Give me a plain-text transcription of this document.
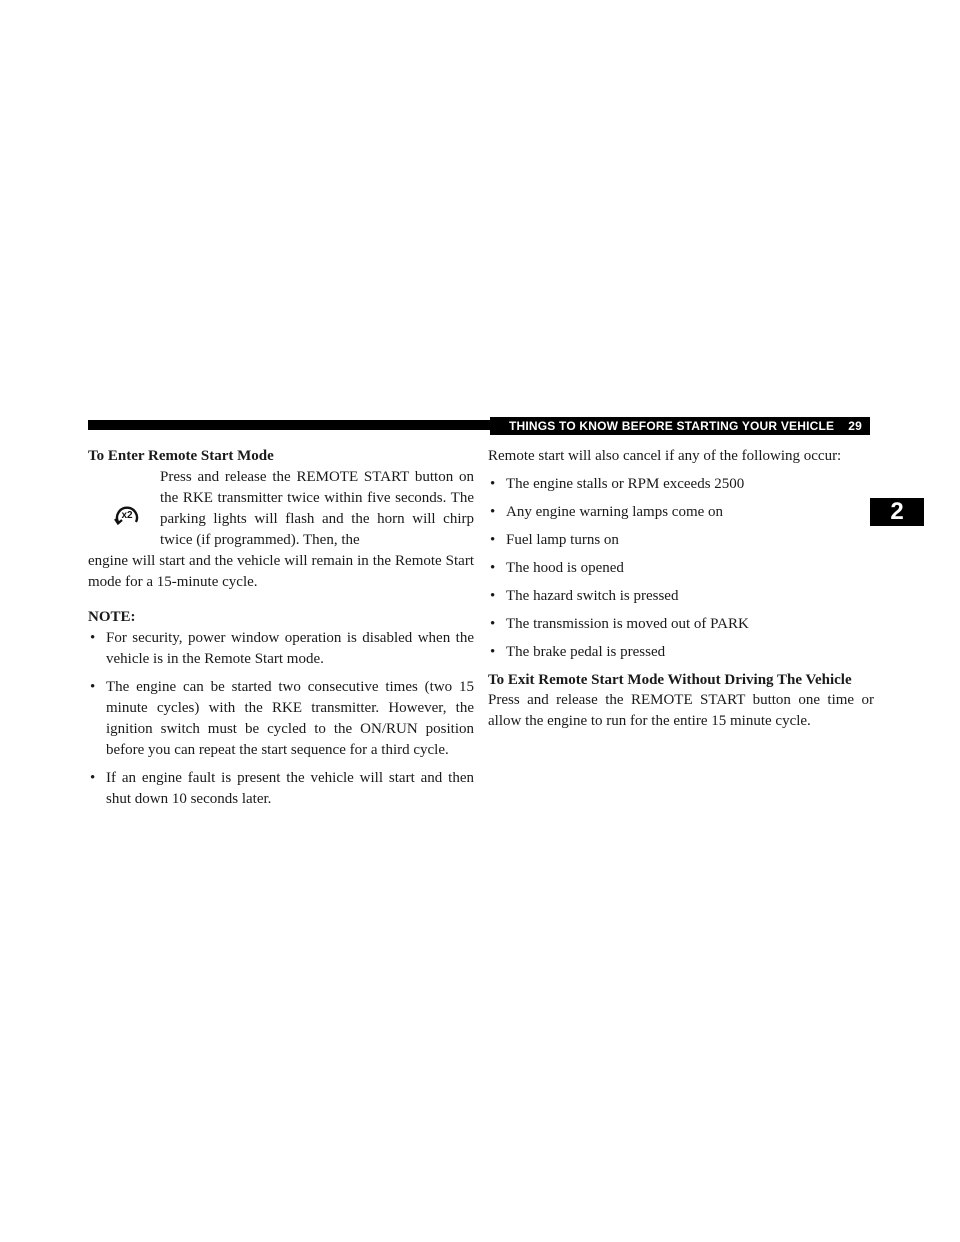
THINGS TO KNOW BEFORE STARTING YOUR VEHICLE 29
2
To Enter Remote Start Mode
x2

Press and release the REMOTE START button on the RKE transmitter twice within five seconds. The parking lights will flash and the horn will chirp twice (if programmed). Then, the

engine will start and the vehicle will remain in the Remote Start mode for a 15-minute cycle.

NOTE:
• For security, power window operation is disabled when the vehicle is in the Remote Start mode.
• The engine can be started two consecutive times (two 15 minute cycles) with the RKE transmitter. However, the ignition switch must be cycled to the ON/RUN position before you can repeat the start sequence for a third cycle.
• If an engine fault is present the vehicle will start and then shut down 10 seconds later.

Remote start will also cancel if any of the following occur:

• The engine stalls or RPM exceeds 2500
• Any engine warning lamps come on
• Fuel lamp turns on
• The hood is opened
• The hazard switch is pressed
• The transmission is moved out of PARK
• The brake pedal is pressed
To Exit Remote Start Mode Without Driving The Vehicle

Press and release the REMOTE START button one time or allow the engine to run for the entire 15 minute cycle.
